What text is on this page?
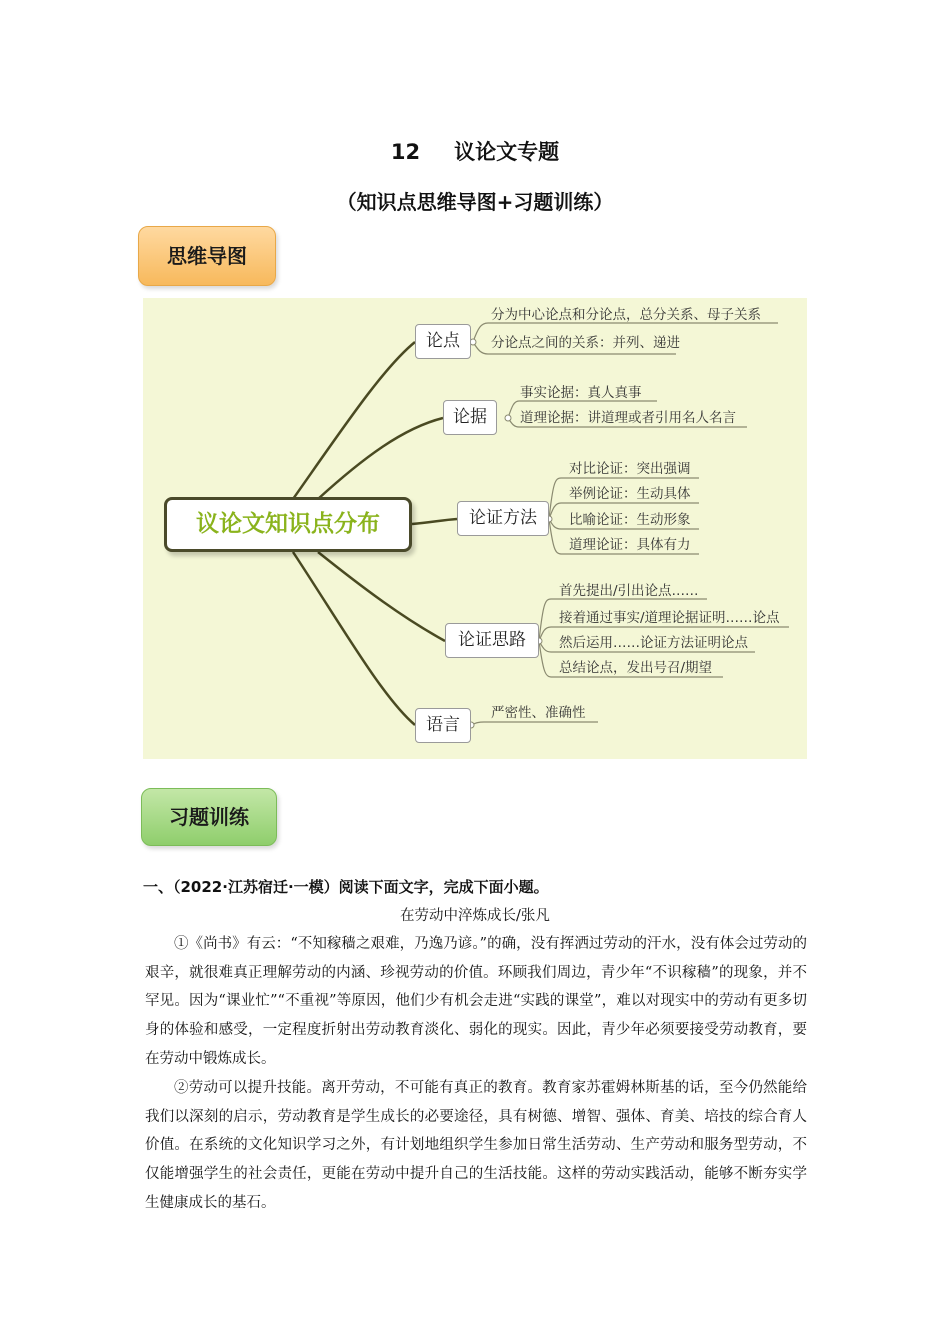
12 议论文专题
（知识点思维导图+习题训练）
思维导图
议论文知识点分布
论点
论据
论证方法
论证思路
语言
分为中心论点和分论点，总分关系、母子关系
分论点之间的关系：并列、递进
事实论据：真人真事
道理论据：讲道理或者引用名人名言
对比论证：突出强调
举例论证：生动具体
比喻论证：生动形象
道理论证：具体有力
首先提出/引出论点……
接着通过事实/道理论据证明……论点
然后运用……论证方法证明论点
总结论点，发出号召/期望
严密性、准确性
习题训练
一、（2022·江苏宿迁·一模）阅读下面文字，完成下面小题。
在劳动中淬炼成长/张凡
①《尚书》有云：“不知稼穑之艰难，乃逸乃谚。”的确，没有挥洒过劳动的汗水，没有体会过劳动的艰辛，就很难真正理解劳动的内涵、珍视劳动的价值。环顾我们周边，青少年“不识稼穑”的现象，并不罕见。因为“课业忙”“不重视”等原因，他们少有机会走进“实践的课堂”，难以对现实中的劳动有更多切身的体验和感受，一定程度折射出劳动教育淡化、弱化的现实。因此，青少年必须要接受劳动教育，要在劳动中锻炼成长。
②劳动可以提升技能。离开劳动，不可能有真正的教育。教育家苏霍姆林斯基的话，至今仍然能给我们以深刻的启示，劳动教育是学生成长的必要途径，具有树德、增智、强体、育美、培技的综合育人价值。在系统的文化知识学习之外，有计划地组织学生参加日常生活劳动、生产劳动和服务型劳动，不仅能增强学生的社会责任，更能在劳动中提升自己的生活技能。这样的劳动实践活动，能够不断夯实学生健康成长的基石。
